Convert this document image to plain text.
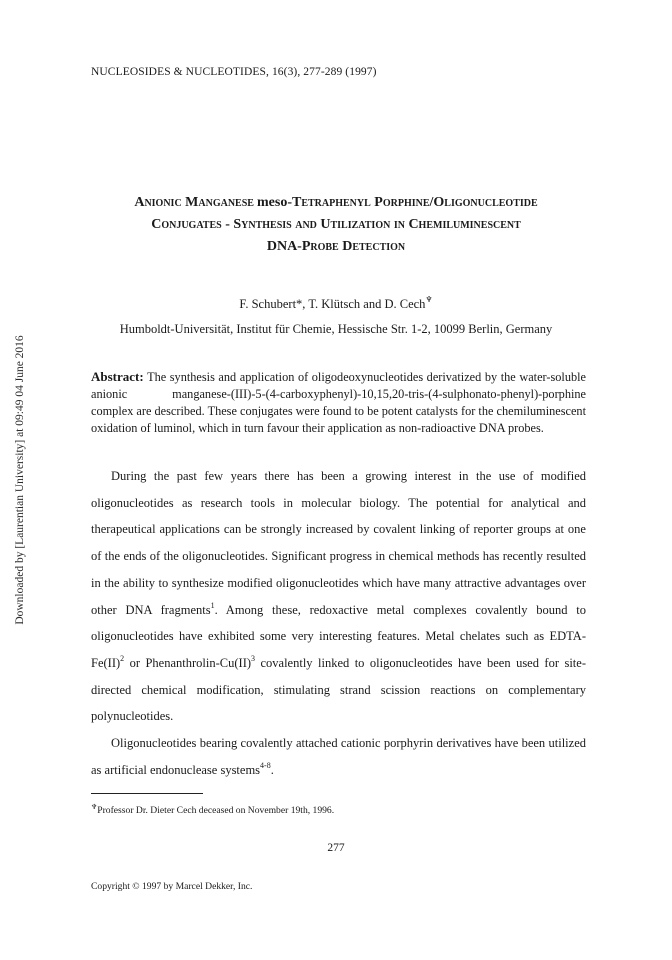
Downloaded by [Laurentian University] at 09:49 04 June 2016
NUCLEOSIDES & NUCLEOTIDES, 16(3), 277-289 (1997)
Anionic Manganese meso-Tetraphenyl Porphine/Oligonucleotide
Conjugates - Synthesis and Utilization in Chemiluminescent
DNA-Probe Detection
F. Schubert*, T. Klütsch and D. Cech♆
Humboldt-Universität, Institut für Chemie, Hessische Str. 1-2, 10099 Berlin, Germany
Abstract: The synthesis and application of oligodeoxynucleotides derivatized by the water-soluble anionic manganese-(III)-5-(4-carboxyphenyl)-10,15,20-tris-(4-sulphonato-phenyl)-porphine complex are described. These conjugates were found to be potent catalysts for the chemiluminescent oxidation of luminol, which in turn favour their application as non-radioactive DNA probes.

During the past few years there has been a growing interest in the use of modified oligonucleotides as research tools in molecular biology. The potential for analytical and therapeutical applications can be strongly increased by covalent linking of reporter groups at one of the ends of the oligonucleotides. Significant progress in chemical methods has recently resulted in the ability to synthesize modified oligonucleotides which have many attractive advantages over other DNA fragments$^1$. Among these, redoxactive metal complexes covalently bound to oligonucleotides have exhibited some very interesting features. Metal chelates such as EDTA-Fe(II)$^2$ or Phenanthrolin-Cu(II)$^3$ covalently linked to oligonucleotides have been used for site-directed chemical modification, stimulating strand scission reactions on complementary polynucleotides.

Oligonucleotides bearing covalently attached cationic porphyrin derivatives have been utilized as artificial endonuclease systems$^{4-8}$.

♆Professor Dr. Dieter Cech deceased on November 19th, 1996.
277
Copyright © 1997 by Marcel Dekker, Inc.
